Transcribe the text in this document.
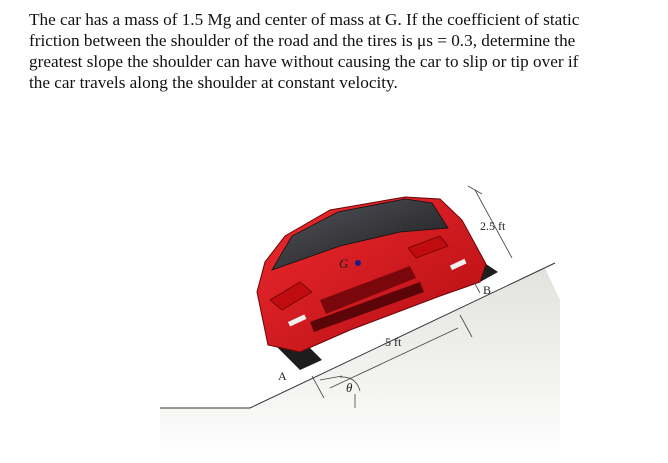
The car has a mass of 1.5 Mg and center of mass at G. If the coefficient of static
friction between the shoulder of the road and the tires is μs = 0.3, determine the
greatest slope the shoulder can have without causing the car to slip or tip over if
the car travels along the shoulder at constant velocity.

G
5 ft
2.5 ft
B
A
θ
